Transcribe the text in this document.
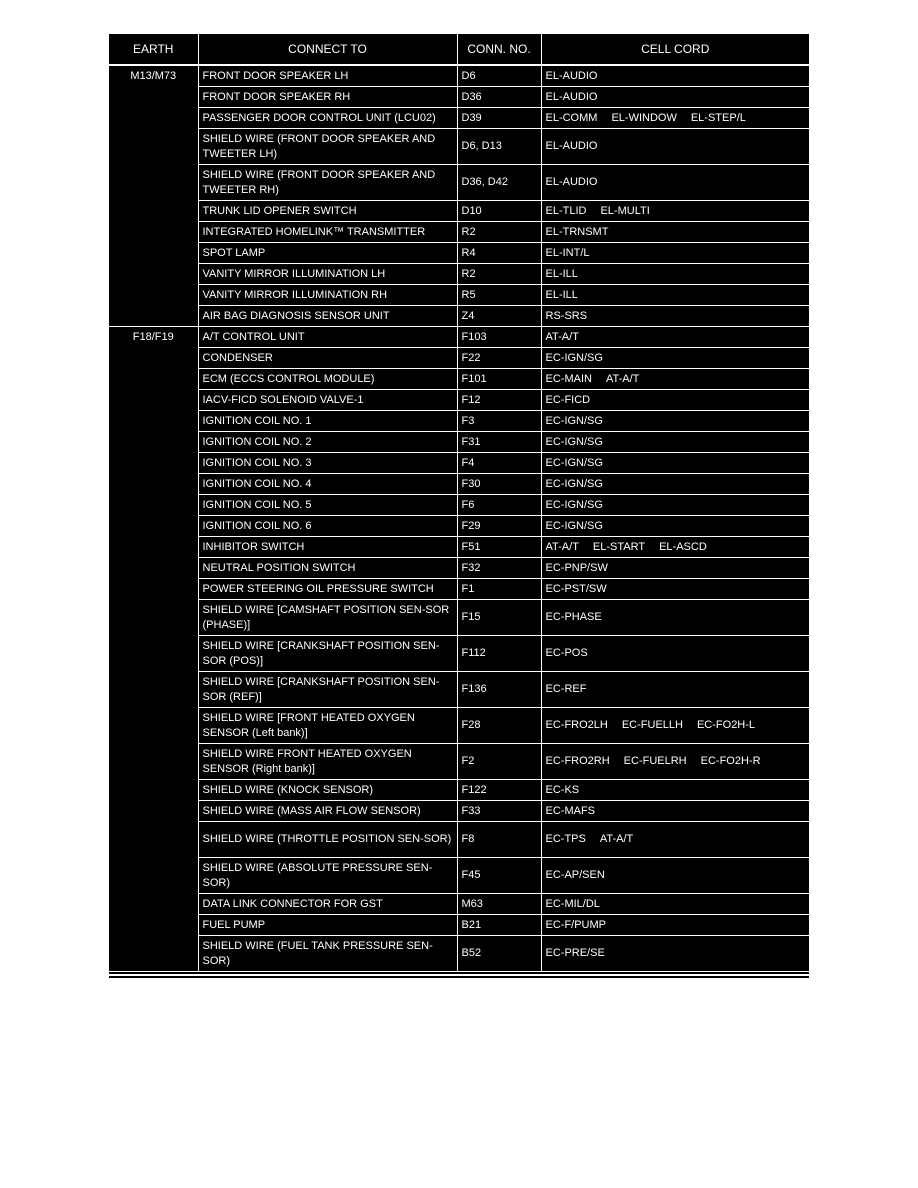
EARTH	CONNECT TO	CONN. NO.	CELL CORD
M13/M73	FRONT DOOR SPEAKER LH	D6	EL-AUDIO
	FRONT DOOR SPEAKER RH	D36	EL-AUDIO
	PASSENGER DOOR CONTROL UNIT (LCU02)	D39	EL-COMM EL-WINDOW EL-STEP/L
	SHIELD WIRE (FRONT DOOR SPEAKER AND TWEETER LH)	D6, D13	EL-AUDIO
	SHIELD WIRE (FRONT DOOR SPEAKER AND TWEETER RH)	D36, D42	EL-AUDIO
	TRUNK LID OPENER SWITCH	D10	EL-TLID EL-MULTI
	INTEGRATED HOMELINK™ TRANSMITTER	R2	EL-TRNSMT
	SPOT LAMP	R4	EL-INT/L
	VANITY MIRROR ILLUMINATION LH	R2	EL-ILL
	VANITY MIRROR ILLUMINATION RH	R5	EL-ILL
	AIR BAG DIAGNOSIS SENSOR UNIT	Z4	RS-SRS
F18/F19	A/T CONTROL UNIT	F103	AT-A/T
	CONDENSER	F22	EC-IGN/SG
	ECM (ECCS CONTROL MODULE)	F101	EC-MAIN AT-A/T
	IACV-FICD SOLENOID VALVE-1	F12	EC-FICD
	IGNITION COIL NO. 1	F3	EC-IGN/SG
	IGNITION COIL NO. 2	F31	EC-IGN/SG
	IGNITION COIL NO. 3	F4	EC-IGN/SG
	IGNITION COIL NO. 4	F30	EC-IGN/SG
	IGNITION COIL NO. 5	F6	EC-IGN/SG
	IGNITION COIL NO. 6	F29	EC-IGN/SG
	INHIBITOR SWITCH	F51	AT-A/T EL-START EL-ASCD
	NEUTRAL POSITION SWITCH	F32	EC-PNP/SW
	POWER STEERING OIL PRESSURE SWITCH	F1	EC-PST/SW
	SHIELD WIRE [CAMSHAFT POSITION SEN-SOR (PHASE)]	F15	EC-PHASE
	SHIELD WIRE [CRANKSHAFT POSITION SEN-SOR (POS)]	F112	EC-POS
	SHIELD WIRE [CRANKSHAFT POSITION SEN-SOR (REF)]	F136	EC-REF
	SHIELD WIRE [FRONT HEATED OXYGEN SENSOR (Left bank)]	F28	EC-FRO2LH EC-FUELLH EC-FO2H-L
	SHIELD WIRE FRONT HEATED OXYGEN SENSOR (Right bank)]	F2	EC-FRO2RH EC-FUELRH EC-FO2H-R
	SHIELD WIRE (KNOCK SENSOR)	F122	EC-KS
	SHIELD WIRE (MASS AIR FLOW SENSOR)	F33	EC-MAFS
	SHIELD WIRE (THROTTLE POSITION SEN-SOR)	F8	EC-TPS AT-A/T
	SHIELD WIRE (ABSOLUTE PRESSURE SEN-SOR)	F45	EC-AP/SEN
	DATA LINK CONNECTOR FOR GST	M63	EC-MIL/DL
	FUEL PUMP	B21	EC-F/PUMP
	SHIELD WIRE (FUEL TANK PRESSURE SEN-SOR)	B52	EC-PRE/SE
